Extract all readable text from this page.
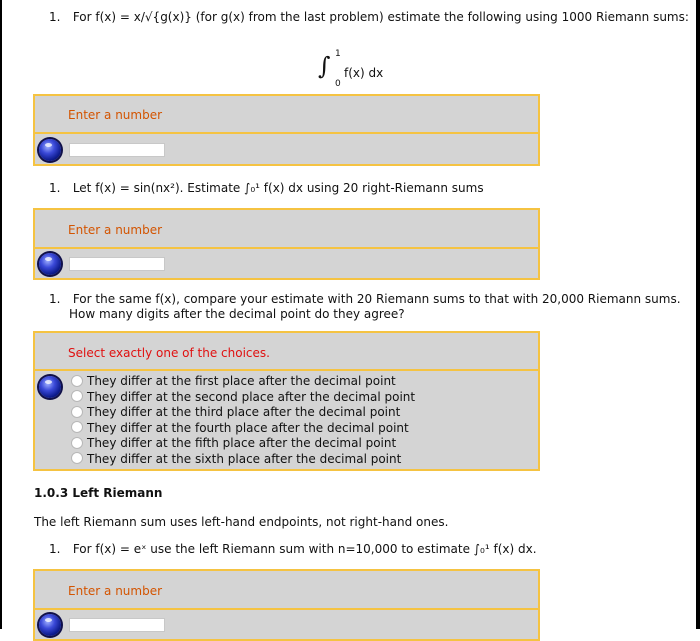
1. For f(x) = x/√{g(x)} (for g(x) from the last problem) estimate the following using 1000 Riemann sums:
∫ 1
0
f(x) dx
Enter a number
1. Let f(x) = sin(nx²). Estimate ∫₀¹ f(x) dx using 20 right-Riemann sums
Enter a number
1. For the same f(x), compare your estimate with 20 Riemann sums to that with 20,000 Riemann sums.
How many digits after the decimal point do they agree?
Select exactly one of the choices.
They differ at the first place after the decimal point
They differ at the second place after the decimal point
They differ at the third place after the decimal point
They differ at the fourth place after the decimal point
They differ at the fifth place after the decimal point
They differ at the sixth place after the decimal point
1.0.3 Left Riemann
The left Riemann sum uses left-hand endpoints, not right-hand ones.
1. For f(x) = eˣ use the left Riemann sum with n=10,000 to estimate ∫₀¹ f(x) dx.
Enter a number
